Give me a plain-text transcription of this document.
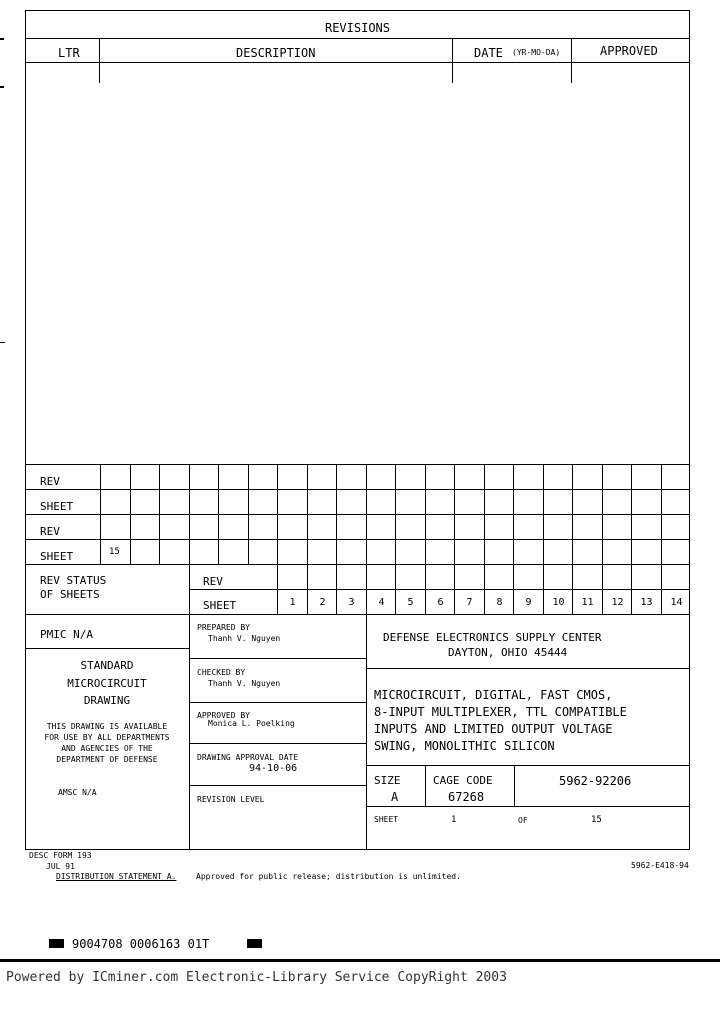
REVISIONS
LTR	DESCRIPTION	DATE (YR-MO-DA)	APPROVED
REV
SHEET
REV
SHEET	15
REV STATUS
OF SHEETS
REV
SHEET	1	2	3	4	5	6	7	8	9	10	11	12	13	14
PMIC N/A
STANDARD
MICROCIRCUIT
DRAWING
THIS DRAWING IS AVAILABLE
FOR USE BY ALL DEPARTMENTS
AND AGENCIES OF THE
DEPARTMENT OF DEFENSE
AMSC N/A
PREPARED BY
Thanh V. Nguyen
CHECKED BY
Thanh V. Nguyen
APPROVED BY
Monica L. Poelking
DRAWING APPROVAL DATE
94-10-06
REVISION LEVEL
DEFENSE ELECTRONICS SUPPLY CENTER
DAYTON, OHIO 45444
MICROCIRCUIT, DIGITAL, FAST CMOS,
8-INPUT MULTIPLEXER, TTL COMPATIBLE
INPUTS AND LIMITED OUTPUT VOLTAGE
SWING, MONOLITHIC SILICON
SIZE
A
CAGE CODE
67268
5962-92206
SHEET	1	OF	15
DESC FORM 193
JUL 91
DISTRIBUTION STATEMENT A. Approved for public release; distribution is unlimited.
5962-E418-94
9004708 0006163 01T
Powered by ICminer.com Electronic-Library Service CopyRight 2003
